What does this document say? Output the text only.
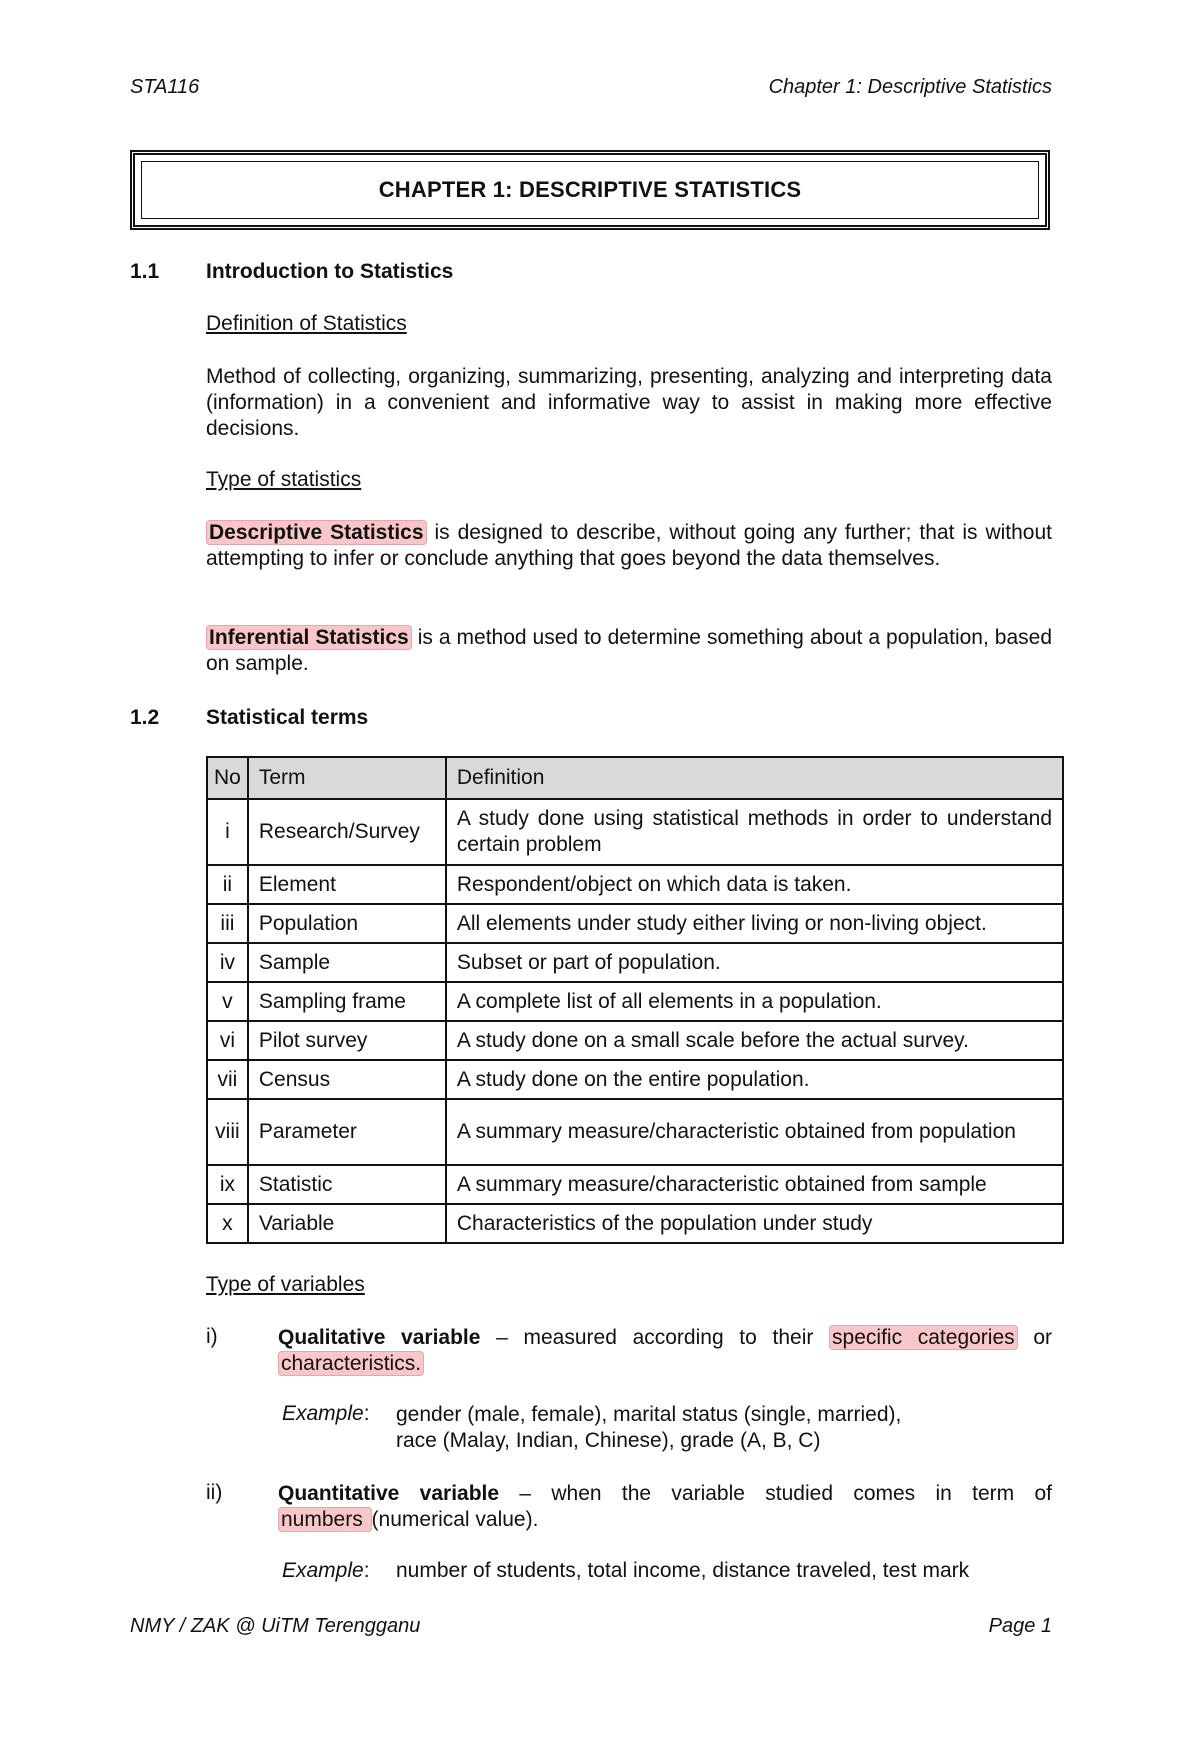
STA116	Chapter 1: Descriptive Statistics
CHAPTER 1: DESCRIPTIVE STATISTICS
1.1 Introduction to Statistics
Definition of Statistics
Method of collecting, organizing, summarizing, presenting, analyzing and interpreting data (information) in a convenient and informative way to assist in making more effective decisions.
Type of statistics
Descriptive Statistics is designed to describe, without going any further; that is without attempting to infer or conclude anything that goes beyond the data themselves.
Inferential Statistics is a method used to determine something about a population, based on sample.
1.2 Statistical terms
No	Term	Definition
i	Research/Survey	A study done using statistical methods in order to understand certain problem
ii	Element	Respondent/object on which data is taken.
iii	Population	All elements under study either living or non-living object.
iv	Sample	Subset or part of population.
v	Sampling frame	A complete list of all elements in a population.
vi	Pilot survey	A study done on a small scale before the actual survey.
vii	Census	A study done on the entire population.
viii	Parameter	A summary measure/characteristic obtained from population
ix	Statistic	A summary measure/characteristic obtained from sample
x	Variable	Characteristics of the population under study
Type of variables
i)	Qualitative variable – measured according to their specific categories or
characteristics.
Example: gender (male, female), marital status (single, married),
race (Malay, Indian, Chinese), grade (A, B, C)
ii)	Quantitative variable – when the variable studied comes in term of
numbers (numerical value).
Example: number of students, total income, distance traveled, test mark
NMY / ZAK @ UiTM Terengganu	Page 1
